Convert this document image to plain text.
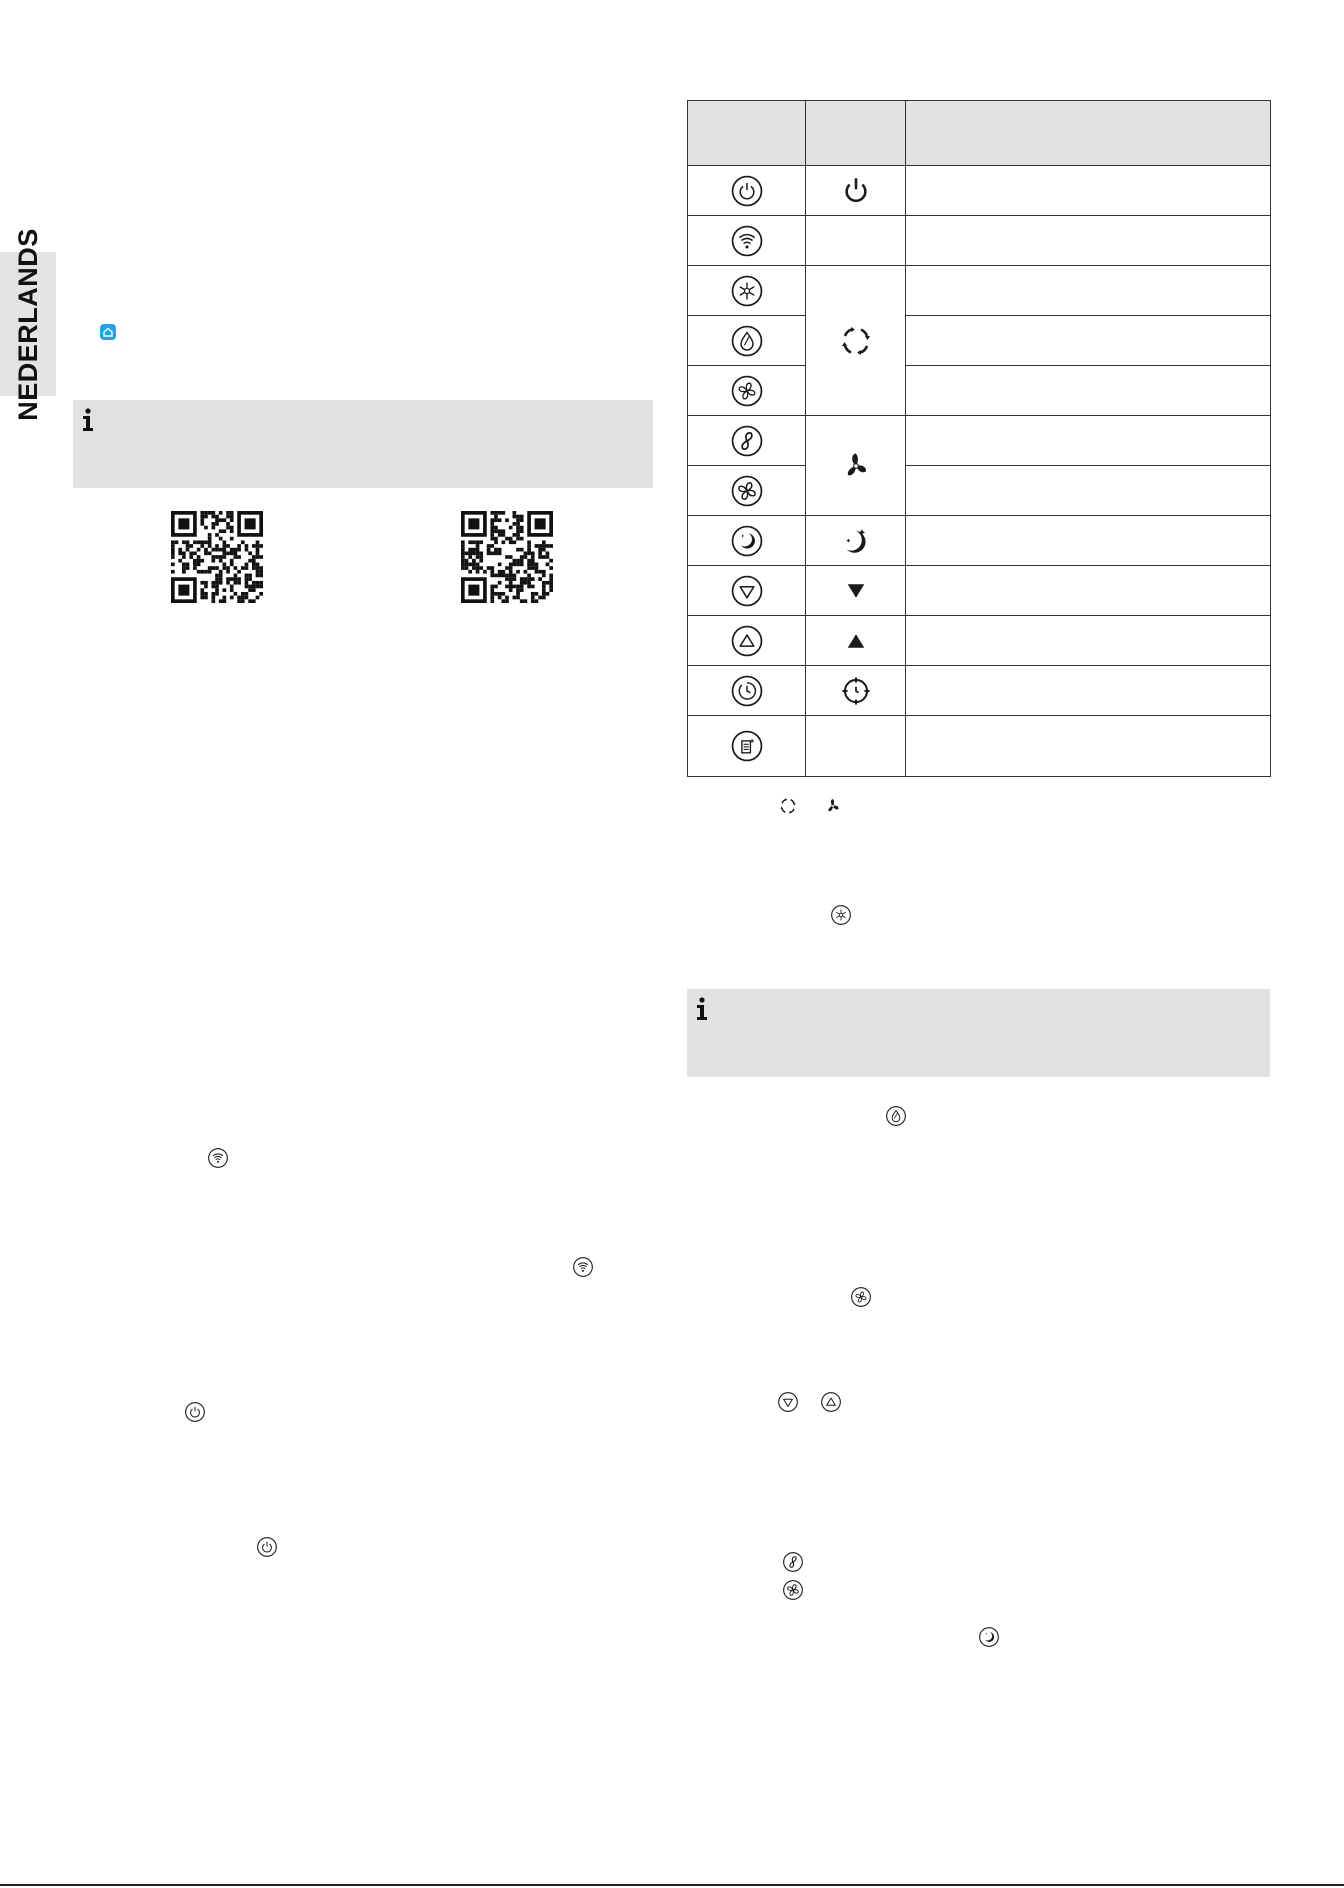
NEDERLANDS
